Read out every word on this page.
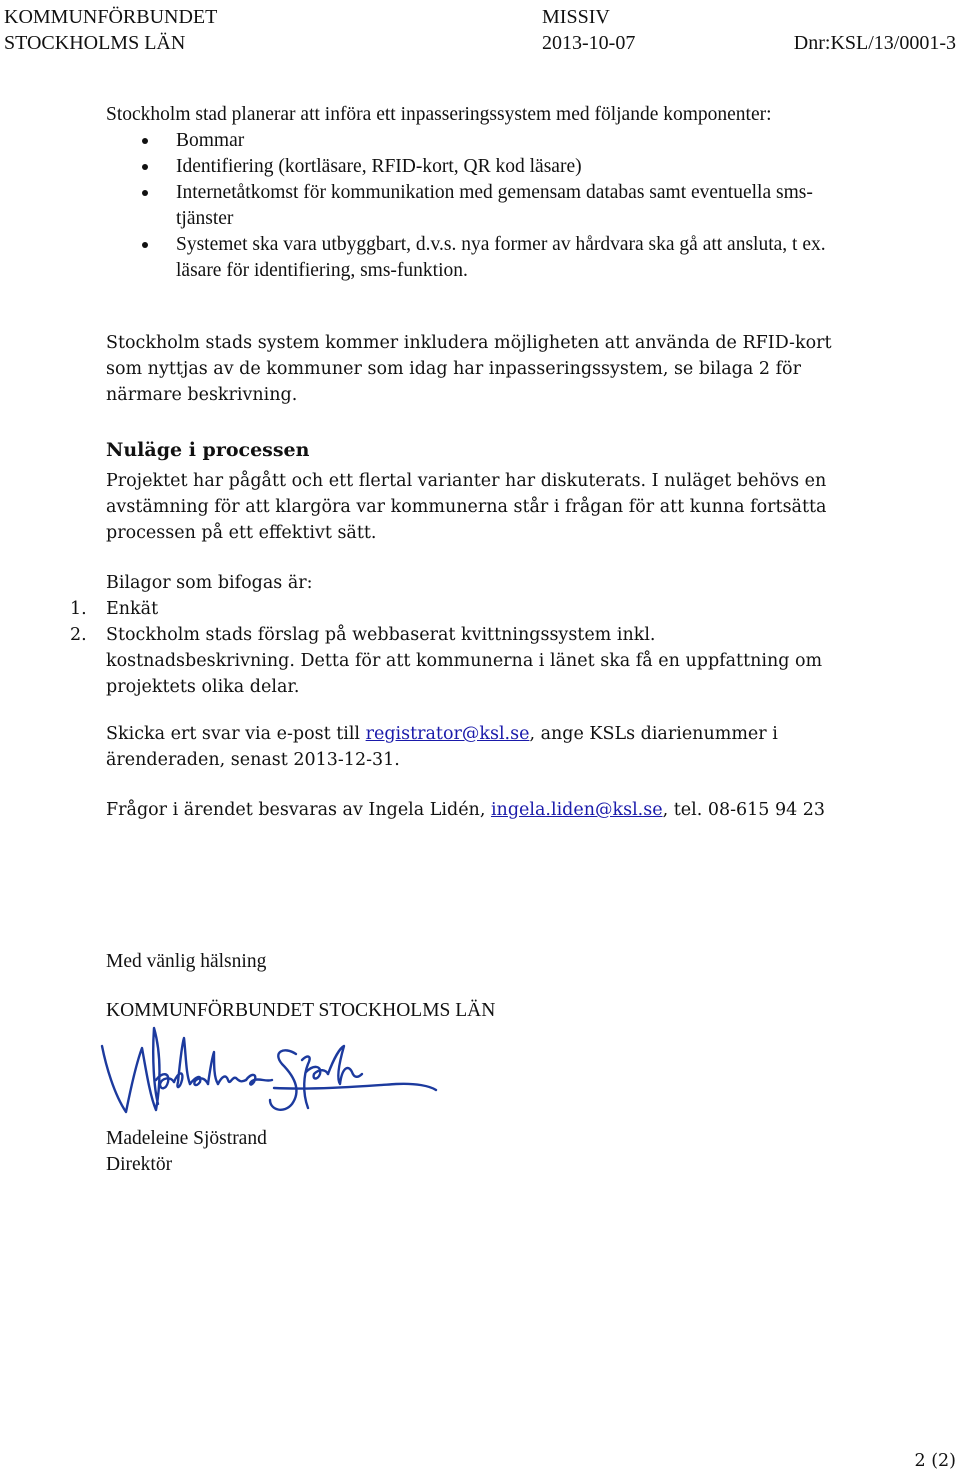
KOMMUNFÖRBUNDET
STOCKHOLMS LÄN
MISSIV
2013-10-07
	Dnr:KSL/13/0001-3

Stockholm stad planerar att införa ett inpasseringssystem med följande komponenter:

Bommar
Identifiering (kortläsare, RFID-kort, QR kod läsare)
Internetåtkomst för kommunikation med gemensam databas samt eventuella sms-tjänster
Systemet ska vara utbyggbart, d.v.s. nya former av hårdvara ska gå att ansluta, t ex. läsare för identifiering, sms-funktion.

Stockholm stads system kommer inkludera möjligheten att använda de RFID-kort som nyttjas av de kommuner som idag har inpasseringssystem, se bilaga 2 för närmare beskrivning.

Nuläge i processen

Projektet har pågått och ett flertal varianter har diskuterats. I nuläget behövs en avstämning för att klargöra var kommunerna står i frågan för att kunna fortsätta processen på ett effektivt sätt.

Bilagor som bifogas är:

1. Enkät
2. Stockholm stads förslag på webbaserat kvittningssystem inkl. kostnadsbeskrivning. Detta för att kommunerna i länet ska få en uppfattning om projektets olika delar.

Skicka ert svar via e-post till registrator@ksl.se, ange KSLs diarienummer i ärenderaden, senast 2013-12-31.

Frågor i ärendet besvaras av Ingela Lidén, ingela.liden@ksl.se, tel. 08-615 94 23

Med vänlig hälsning

KOMMUNFÖRBUNDET STOCKHOLMS LÄN

Madeleine Sjöstrand

Direktör

2 (2)
